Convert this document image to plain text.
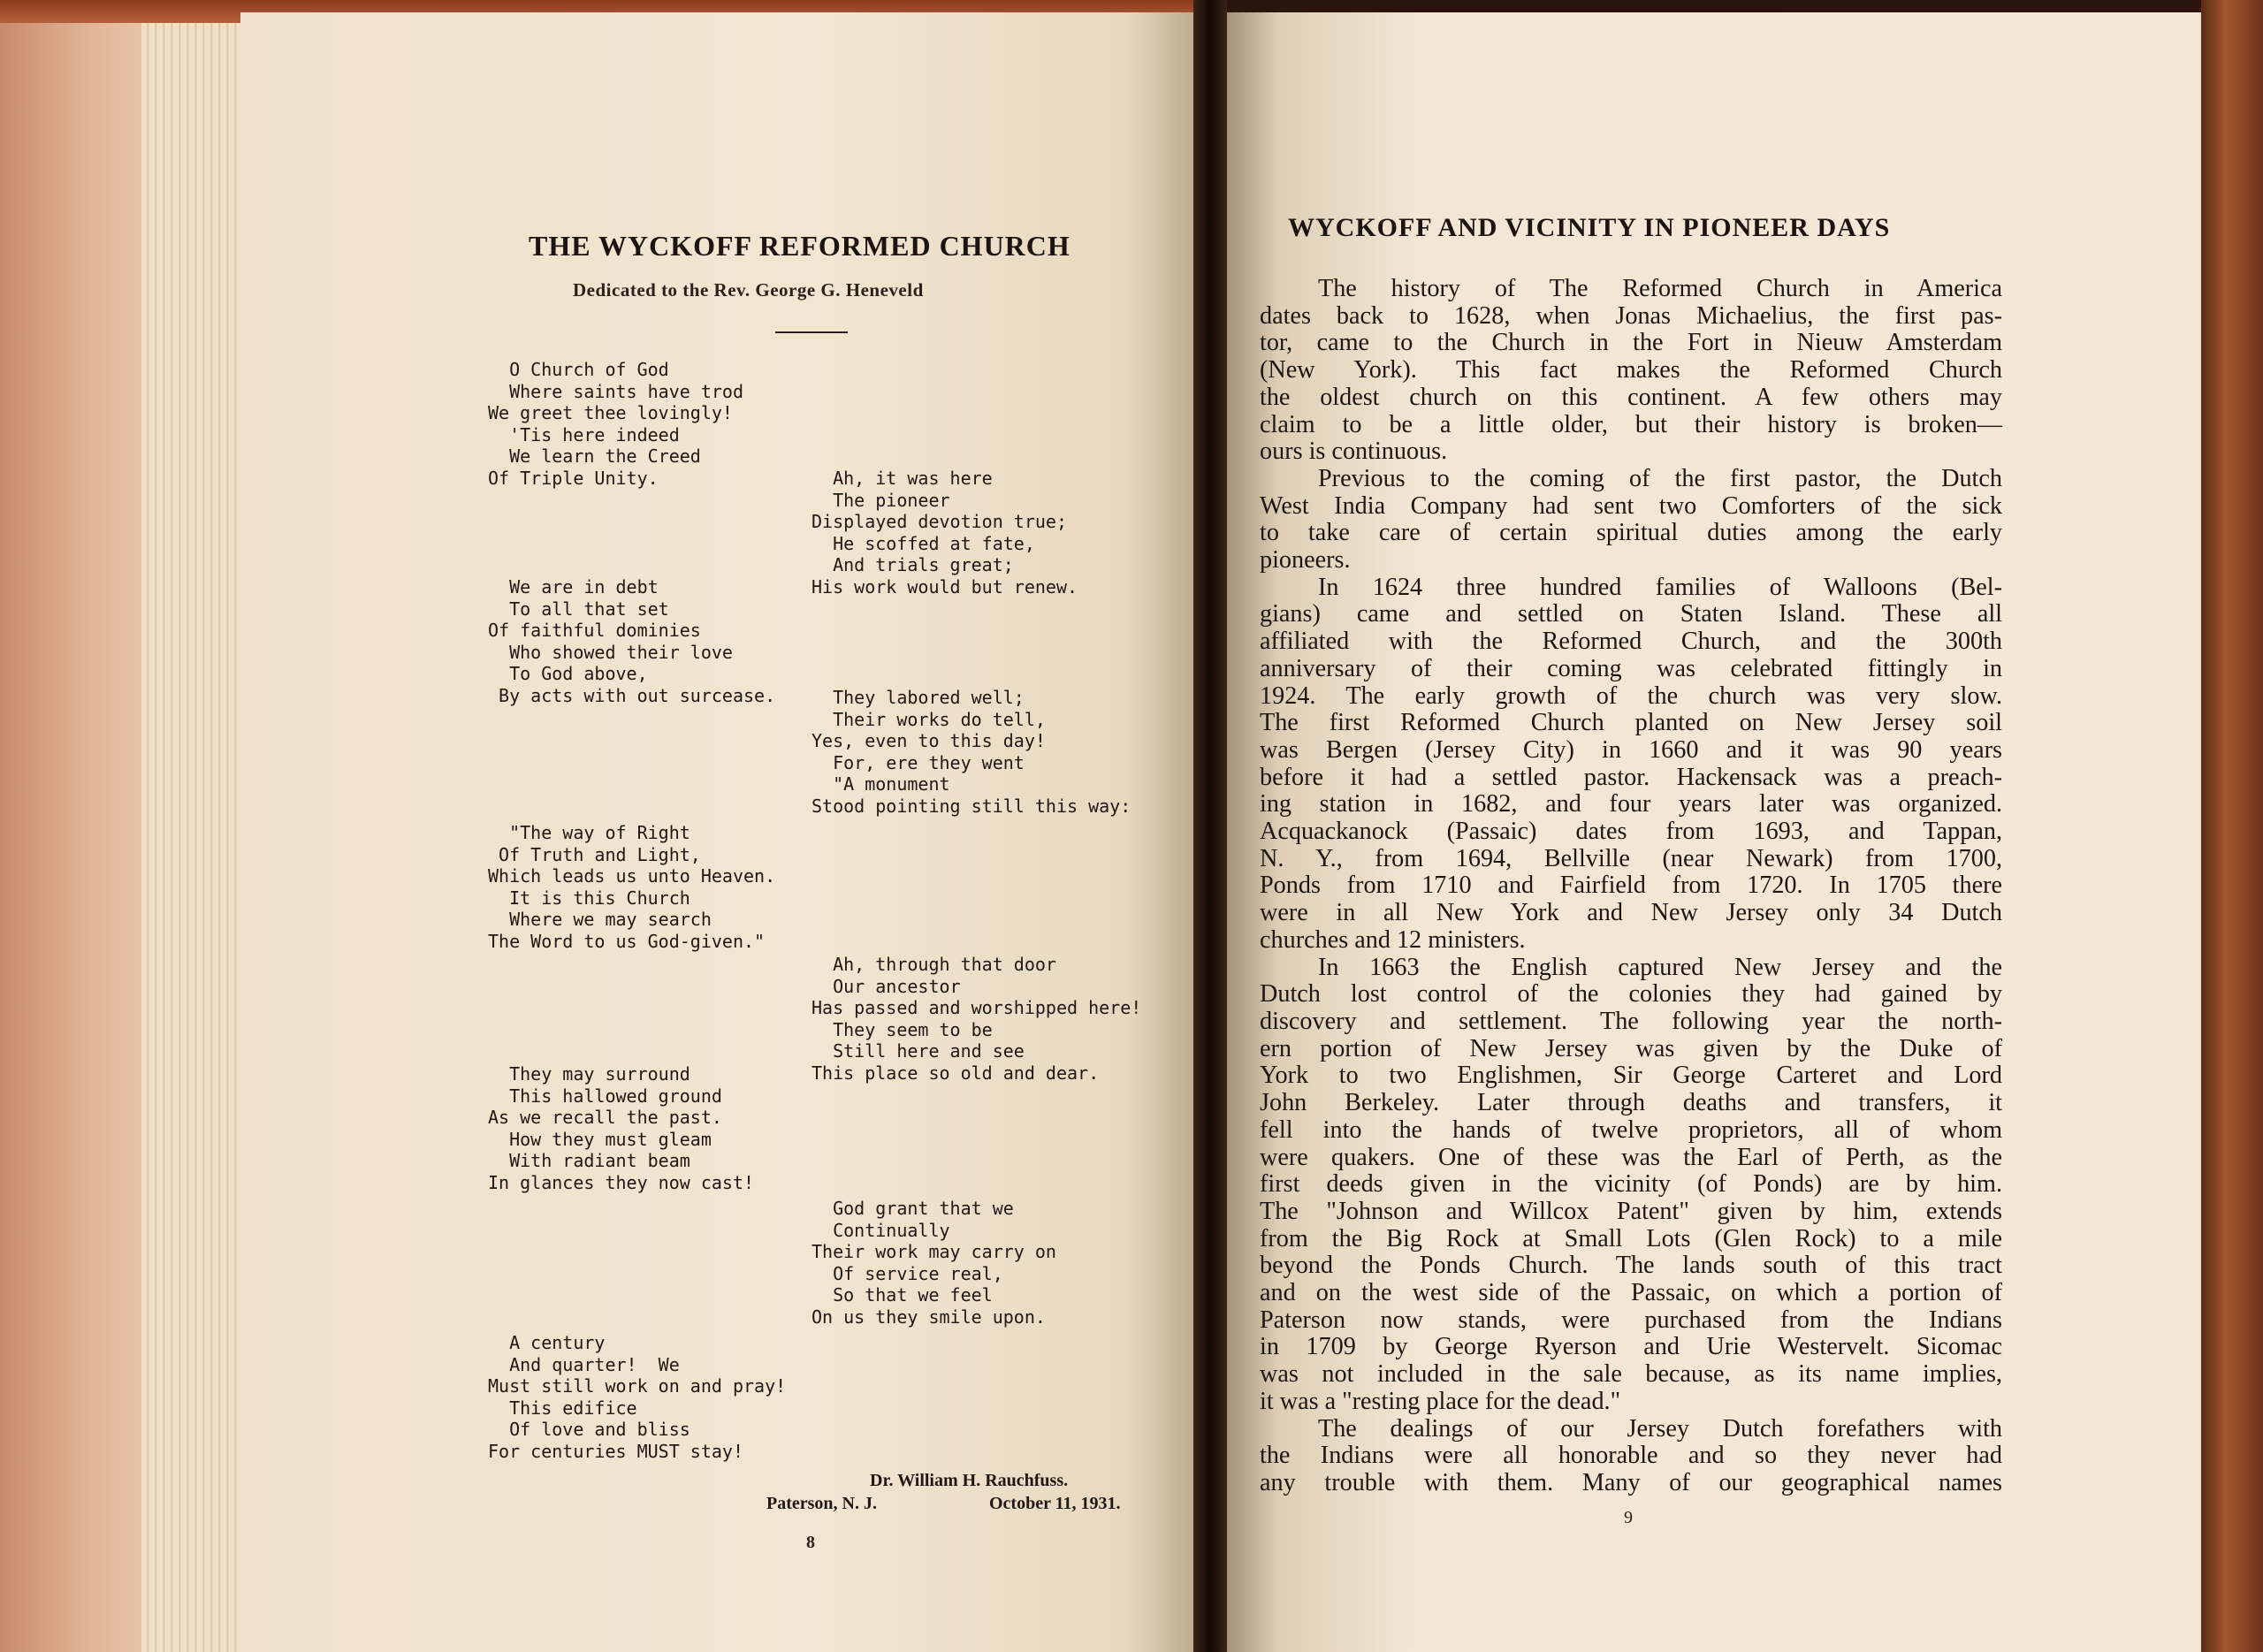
THE WYCKOFF REFORMED CHURCH
Dedicated to the Rev. George G. Heneveld
Dr. William H. Rauchfuss.
Paterson, N. J.	October 11, 1931.
8
WYCKOFF AND VICINITY IN PIONEER DAYS
The history of The Reformed Church in America
dates back to 1628, when Jonas Michaelius, the first pas-
tor, came to the Church in the Fort in Nieuw Amsterdam
(New York). This fact makes the Reformed Church
the oldest church on this continent. A few others may
claim to be a little older, but their history is broken—
ours is continuous.
Previous to the coming of the first pastor, the Dutch
West India Company had sent two Comforters of the sick
to take care of certain spiritual duties among the early
pioneers.
In 1624 three hundred families of Walloons (Bel-
gians) came and settled on Staten Island. These all
affiliated with the Reformed Church, and the 300th
anniversary of their coming was celebrated fittingly in
1924. The early growth of the church was very slow.
The first Reformed Church planted on New Jersey soil
was Bergen (Jersey City) in 1660 and it was 90 years
before it had a settled pastor. Hackensack was a preach-
ing station in 1682, and four years later was organized.
Acquackanock (Passaic) dates from 1693, and Tappan,
N. Y., from 1694, Bellville (near Newark) from 1700,
Ponds from 1710 and Fairfield from 1720. In 1705 there
were in all New York and New Jersey only 34 Dutch
churches and 12 ministers.
In 1663 the English captured New Jersey and the
Dutch lost control of the colonies they had gained by
discovery and settlement. The following year the north-
ern portion of New Jersey was given by the Duke of
York to two Englishmen, Sir George Carteret and Lord
John Berkeley. Later through deaths and transfers, it
fell into the hands of twelve proprietors, all of whom
were quakers. One of these was the Earl of Perth, as the
first deeds given in the vicinity (of Ponds) are by him.
The "Johnson and Willcox Patent" given by him, extends
from the Big Rock at Small Lots (Glen Rock) to a mile
beyond the Ponds Church. The lands south of this tract
and on the west side of the Passaic, on which a portion of
Paterson now stands, were purchased from the Indians
in 1709 by George Ryerson and Urie Westervelt. Sicomac
was not included in the sale because, as its name implies,
it was a "resting place for the dead."
The dealings of our Jersey Dutch forefathers with
the Indians were all honorable and so they never had
any trouble with them. Many of our geographical names
9
O Church of God
Where saints have trod
We greet thee lovingly!
'Tis here indeed
We learn the Creed
Of Triple Unity.
We are in debt
To all that set
Of faithful dominies
Who showed their love
To God above,
By acts with out surcease.
"The way of Right
Of Truth and Light,
Which leads us unto Heaven.
It is this Church
Where we may search
The Word to us God-given."
They may surround
This hallowed ground
As we recall the past.
How they must gleam
With radiant beam
In glances they now cast!
A century
And quarter!  We
Must still work on and pray!
This edifice
Of love and bliss
For centuries MUST stay!
Ah, it was here
The pioneer
Displayed devotion true;
He scoffed at fate,
And trials great;
His work would but renew.
They labored well;
Their works do tell,
Yes, even to this day!
For, ere they went
"A monument
Stood pointing still this way:
Ah, through that door
Our ancestor
Has passed and worshipped here!
They seem to be
Still here and see
This place so old and dear.
God grant that we
Continually
Their work may carry on
Of service real,
So that we feel
On us they smile upon.
